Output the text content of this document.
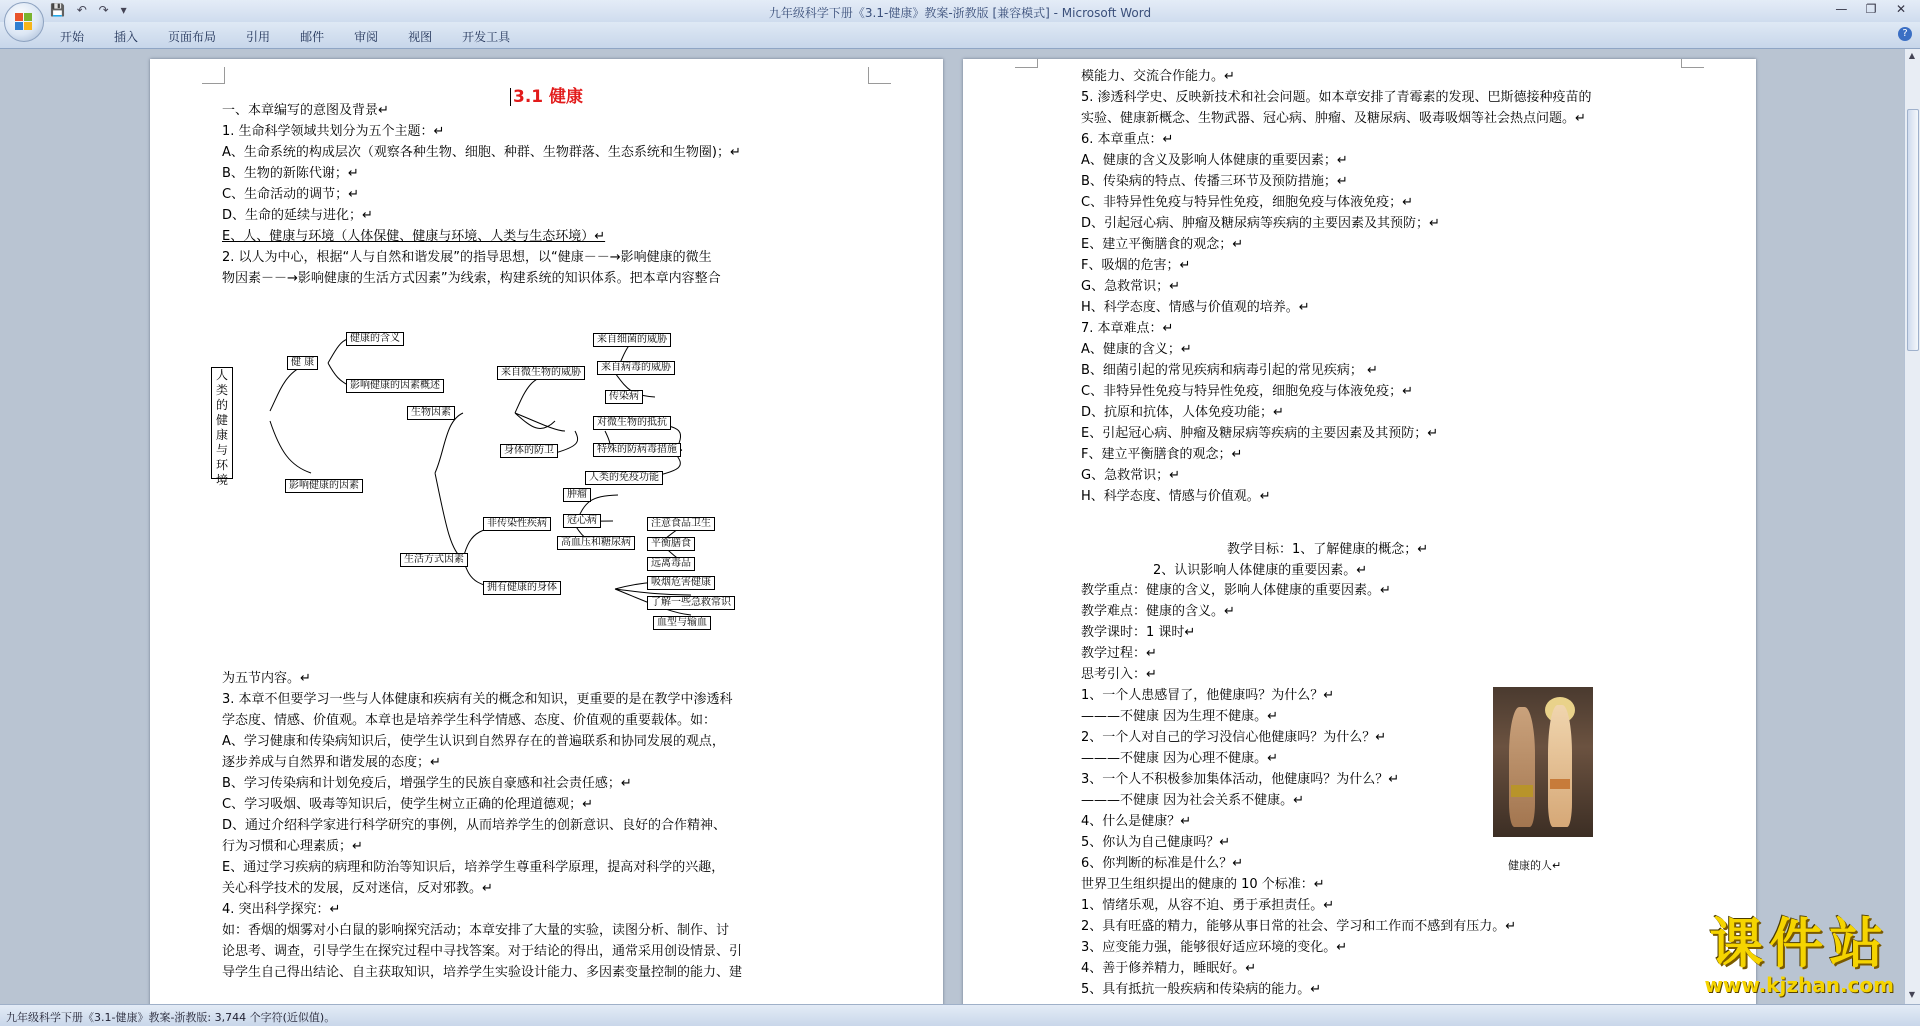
💾 ↶ ↷ ▾	九年级科学下册《3.1-健康》教案-浙教版 [兼容模式] - Microsoft Word	— ❐ ✕
开始	插入	页面布局	引用	邮件	审阅	视图	开发工具	?
3.1 健康
一、本章编写的意图及背景↵
1. 生命科学领域共划分为五个主题：↵
A、生命系统的构成层次（观察各种生物、细胞、种群、生物群落、生态系统和生物圈)；↵
B、生物的新陈代谢；↵
C、生命活动的调节；↵
D、生命的延续与进化；↵
E、人、健康与环境（人体保健、健康与环境、人类与生态环境）↵
2. 以人为中心，根据“人与自然和谐发展”的指导思想，以“健康－－→影响健康的微生
物因素－－→影响健康的生活方式因素”为线索，构建系统的知识体系。把本章内容整合
人类的健康与环境
健 康
健康的含义
影响健康的因素概述
影响健康的因素
生物因素
来自微生物的威胁
来自细菌的威胁
来自病毒的威胁
传染病
身体的防卫
对微生物的抵抗
特殊的防病毒措施
人类的免疫功能
生活方式因素
非传染性疾病
肿瘤
冠心病
高血压和糖尿病
拥有健康的身体
注意食品卫生
平衡膳食
远离毒品
吸烟危害健康
了解一些急救常识
血型与输血
为五节内容。↵
3. 本章不但要学习一些与人体健康和疾病有关的概念和知识，更重要的是在教学中渗透科
学态度、情感、价值观。本章也是培养学生科学情感、态度、价值观的重要载体。如：
A、学习健康和传染病知识后，使学生认识到自然界存在的普遍联系和协同发展的观点，
逐步养成与自然界和谐发展的态度；↵
B、学习传染病和计划免疫后，增强学生的民族自豪感和社会责任感；↵
C、学习吸烟、吸毒等知识后，使学生树立正确的伦理道德观；↵
D、通过介绍科学家进行科学研究的事例，从而培养学生的创新意识、良好的合作精神、
行为习惯和心理素质；↵
E、通过学习疾病的病理和防治等知识后，培养学生尊重科学原理，提高对科学的兴趣，
关心科学技术的发展，反对迷信，反对邪教。↵
4. 突出科学探究：↵
如：香烟的烟雾对小白鼠的影响探究活动；本章安排了大量的实验，读图分析、制作、讨
论思考、调查，引导学生在探究过程中寻找答案。对于结论的得出，通常采用创设情景、引
导学生自己得出结论、自主获取知识，培养学生实验设计能力、多因素变量控制的能力、建
模能力、交流合作能力。↵
5. 渗透科学史、反映新技术和社会问题。如本章安排了青霉素的发现、巴斯德接种疫苗的
实验、健康新概念、生物武器、冠心病、肿瘤、及糖尿病、吸毒吸烟等社会热点问题。↵
6. 本章重点：↵
A、健康的含义及影响人体健康的重要因素；↵
B、传染病的特点、传播三环节及预防措施；↵
C、非特异性免疫与特异性免疫，细胞免疫与体液免疫；↵
D、引起冠心病、肿瘤及糖尿病等疾病的主要因素及其预防；↵
E、建立平衡膳食的观念；↵
F、吸烟的危害；↵
G、急救常识；↵
H、科学态度、情感与价值观的培养。↵
7. 本章难点：↵
A、健康的含义；↵
B、细菌引起的常见疾病和病毒引起的常见疾病； ↵
C、非特异性免疫与特异性免疫，细胞免疫与体液免疫；↵
D、抗原和抗体，人体免疫功能；↵
E、引起冠心病、肿瘤及糖尿病等疾病的主要因素及其预防；↵
F、建立平衡膳食的观念；↵
G、急救常识；↵
H、科学态度、情感与价值观。↵
教学目标：1、了解健康的概念；↵
2、认识影响人体健康的重要因素。↵
教学重点：健康的含义，影响人体健康的重要因素。↵
教学难点：健康的含义。↵
教学课时：1 课时↵
教学过程：↵
思考引入：↵
1、一个人患感冒了，他健康吗？为什么？↵
———不健康 因为生理不健康。↵
2、一个人对自己的学习没信心他健康吗？为什么？↵
———不健康 因为心理不健康。↵
3、一个人不积极参加集体活动，他健康吗？为什么？↵
———不健康 因为社会关系不健康。↵
4、什么是健康？↵
5、你认为自己健康吗？↵
6、你判断的标准是什么？↵
世界卫生组织提出的健康的 10 个标准：↵
1、情绪乐观，从容不迫、勇于承担责任。↵
2、具有旺盛的精力，能够从事日常的社会、学习和工作而不感到有压力。↵
3、应变能力强，能够很好适应环境的变化。↵
4、善于修养精力，睡眠好。↵
5、具有抵抗一般疾病和传染病的能力。↵
健康的人↵
▲
▼
九年级科学下册《3.1-健康》教案-浙教版: 3,744 个字符(近似值)。
课件站
www.kjzhan.com
